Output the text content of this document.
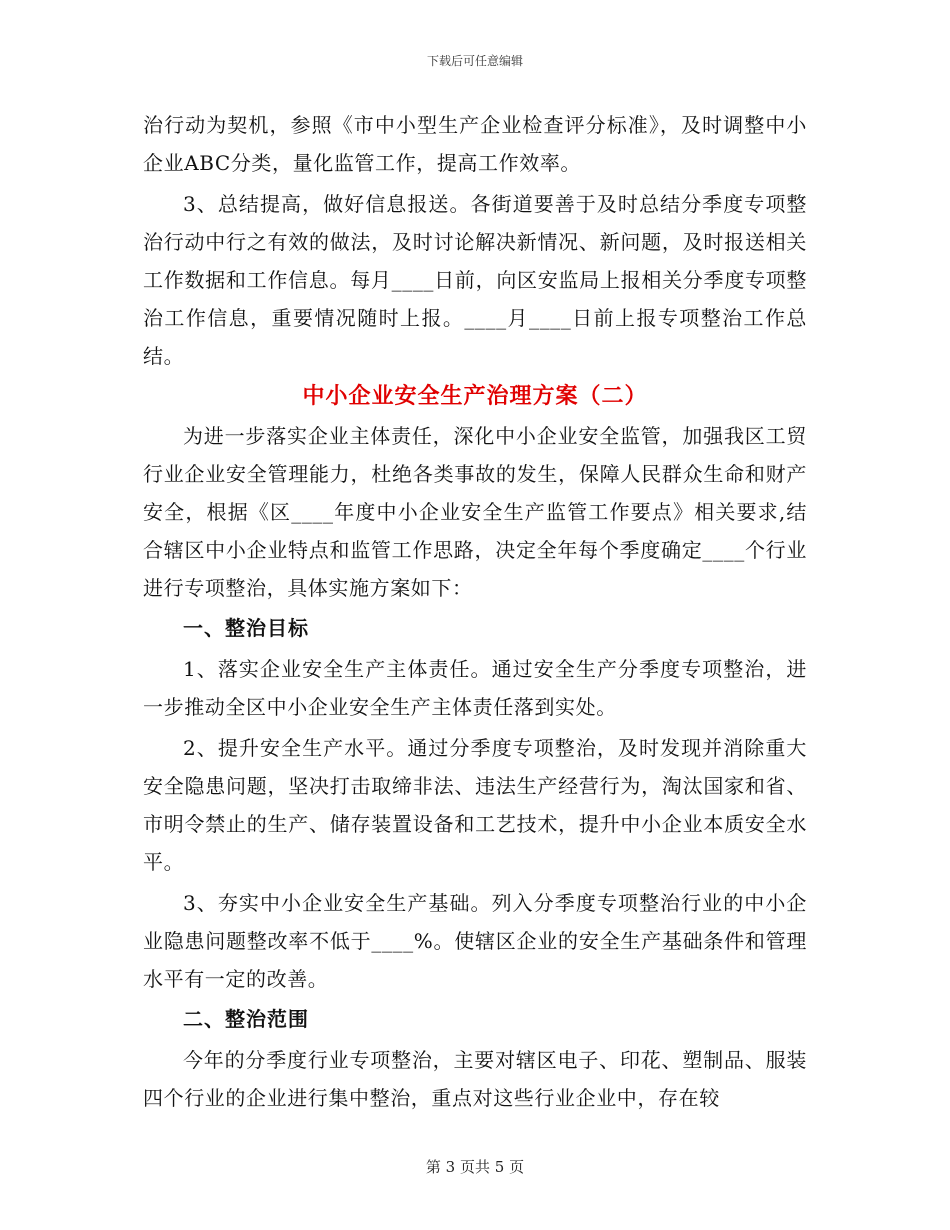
下载后可任意编辑

治行动为契机，参照《市中小型生产企业检查评分标准》，及时调整中小企业ABC分类，量化监管工作，提高工作效率。

3、总结提高，做好信息报送。各街道要善于及时总结分季度专项整治行动中行之有效的做法，及时讨论解决新情况、新问题，及时报送相关工作数据和工作信息。每月____日前，向区安监局上报相关分季度专项整治工作信息，重要情况随时上报。____月____日前上报专项整治工作总结。

中小企业安全生产治理方案（二）

为进一步落实企业主体责任，深化中小企业安全监管，加强我区工贸行业企业安全管理能力，杜绝各类事故的发生，保障人民群众生命和财产安全，根据《区____年度中小企业安全生产监管工作要点》相关要求,结合辖区中小企业特点和监管工作思路，决定全年每个季度确定____个行业进行专项整治，具体实施方案如下：

一、整治目标

1、落实企业安全生产主体责任。通过安全生产分季度专项整治，进一步推动全区中小企业安全生产主体责任落到实处。

2、提升安全生产水平。通过分季度专项整治，及时发现并消除重大安全隐患问题，坚决打击取缔非法、违法生产经营行为，淘汰国家和省、市明令禁止的生产、储存装置设备和工艺技术，提升中小企业本质安全水平。

3、夯实中小企业安全生产基础。列入分季度专项整治行业的中小企业隐患问题整改率不低于____%。使辖区企业的安全生产基础条件和管理水平有一定的改善。

二、整治范围

今年的分季度行业专项整治，主要对辖区电子、印花、塑制品、服装四个行业的企业进行集中整治，重点对这些行业企业中，存在较

第 3 页共 5 页
